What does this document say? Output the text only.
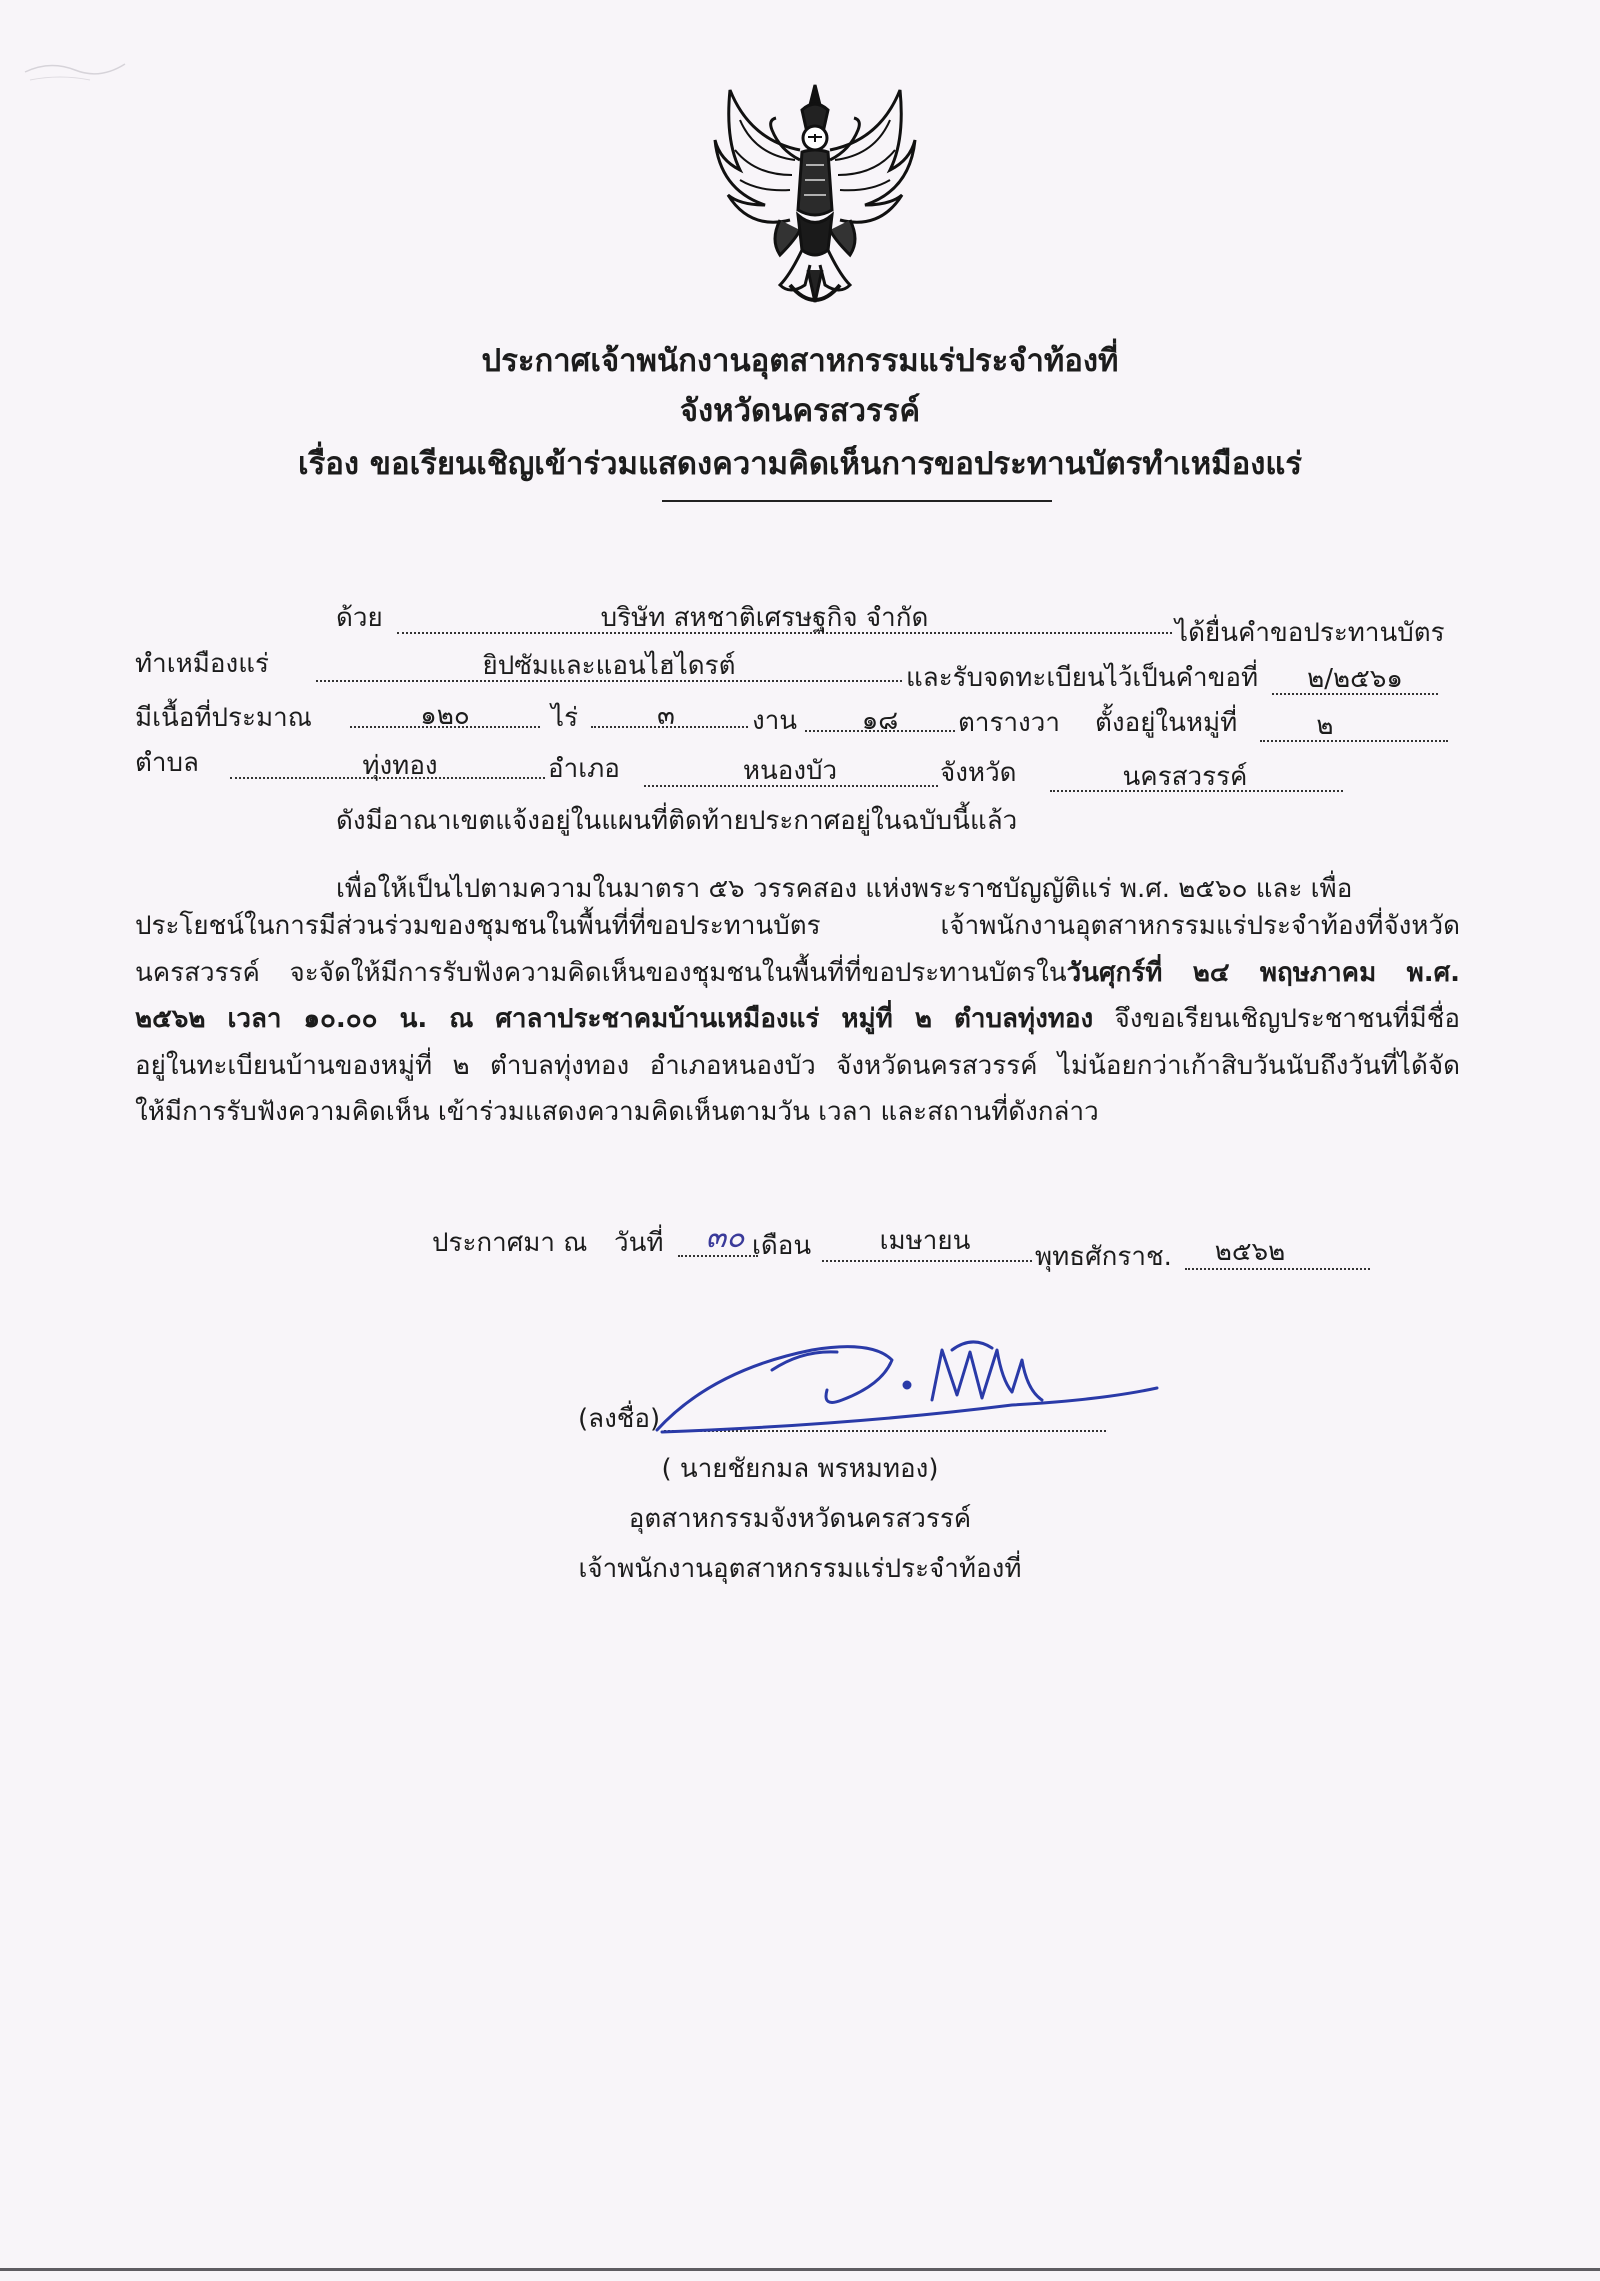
ประกาศเจ้าพนักงานอุตสาหกรรมแร่ประจำท้องที่
จังหวัดนครสวรรค์
เรื่อง ขอเรียนเชิญเข้าร่วมแสดงความคิดเห็นการขอประทานบัตรทำเหมืองแร่
ด้วย	บริษัท สหชาติเศรษฐกิจ จำกัด	ได้ยื่นคำขอประทานบัตร
ทำเหมืองแร่	ยิปซัมและแอนไฮไดรต์	และรับจดทะเบียนไว้เป็นคำขอที่	๒/๒๕๖๑
มีเนื้อที่ประมาณ	๑๒๐	ไร่	๓	งาน	๑๘	ตารางวา ตั้งอยู่ในหมู่ที่	๒
ตำบล	ทุ่งทอง	อำเภอ	หนองบัว	จังหวัด	นครสวรรค์
ดังมีอาณาเขตแจ้งอยู่ในแผนที่ติดท้ายประกาศอยู่ในฉบับนี้แล้ว
เพื่อให้เป็นไปตามความในมาตรา ๕๖ วรรคสอง แห่งพระราชบัญญัติแร่ พ.ศ. ๒๕๖๐ และ เพื่อ
ประโยชน์ในการมีส่วนร่วมของชุมชนในพื้นที่ที่ขอประทานบัตร เจ้าพนักงานอุตสาหกรรมแร่ประจำท้องที่จังหวัด
นครสวรรค์ จะจัดให้มีการรับฟังความคิดเห็นของชุมชนในพื้นที่ที่ขอประทานบัตรในวันศุกร์ที่ ๒๔ พฤษภาคม พ.ศ.
๒๕๖๒ เวลา ๑๐.๐๐ น. ณ ศาลาประชาคมบ้านเหมืองแร่ หมู่ที่ ๒ ตำบลทุ่งทอง จึงขอเรียนเชิญประชาชนที่มีชื่อ
อยู่ในทะเบียนบ้านของหมู่ที่ ๒ ตำบลทุ่งทอง อำเภอหนองบัว จังหวัดนครสวรรค์ ไม่น้อยกว่าเก้าสิบวันนับถึงวันที่ได้จัด
ให้มีการรับฟังความคิดเห็น เข้าร่วมแสดงความคิดเห็นตามวัน เวลา และสถานที่ดังกล่าว
ประกาศมา ณ วันที่	๓๐ เดือน	เมษายน
พุทธศักราช.	๒๕๖๒
(ลงชื่อ)
( นายชัยกมล พรหมทอง)
อุตสาหกรรมจังหวัดนครสวรรค์
เจ้าพนักงานอุตสาหกรรมแร่ประจำท้องที่
